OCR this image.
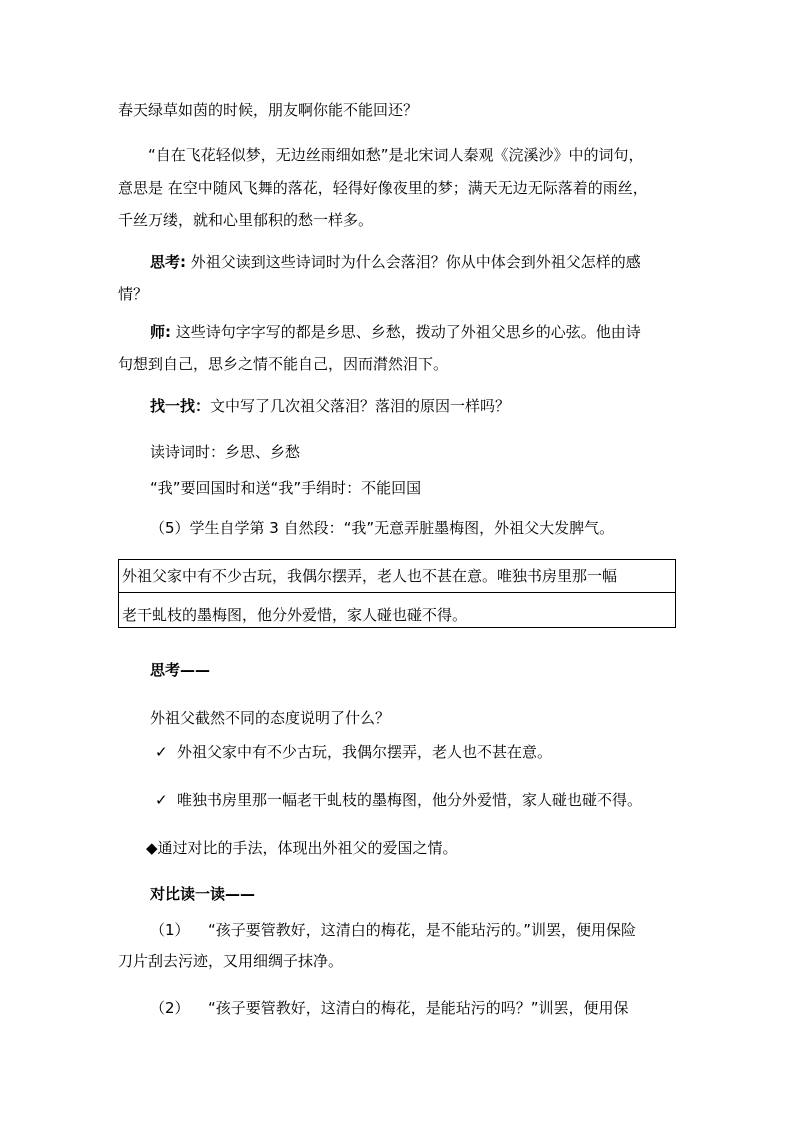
春天绿草如茵的时候，朋友啊你能不能回还？
“自在飞花轻似梦，无边丝雨细如愁”是北宋词人秦观《浣溪沙》中的词句，
意思是 在空中随风飞舞的落花，轻得好像夜里的梦；满天无边无际落着的雨丝，
千丝万缕，就和心里郁积的愁一样多。
思考: 外祖父读到这些诗词时为什么会落泪？你从中体会到外祖父怎样的感
情？
师: 这些诗句字字写的都是乡思、乡愁，拨动了外祖父思乡的心弦。他由诗
句想到自己，思乡之情不能自己，因而潸然泪下。
找一找：文中写了几次祖父落泪？落泪的原因一样吗？
读诗词时：乡思、乡愁
“我”要回国时和送“我”手绢时：不能回国
（5）学生自学第 3 自然段：“我”无意弄脏墨梅图，外祖父大发脾气。
外祖父家中有不少古玩，我偶尔摆弄，老人也不甚在意。唯独书房里那一幅
老干虬枝的墨梅图，他分外爱惜，家人碰也碰不得。
思考——
外祖父截然不同的态度说明了什么？
✓ 外祖父家中有不少古玩，我偶尔摆弄，老人也不甚在意。
✓ 唯独书房里那一幅老干虬枝的墨梅图，他分外爱惜，家人碰也碰不得。
◆通过对比的手法，体现出外祖父的爱国之情。
对比读一读——
（1） “孩子要管教好，这清白的梅花，是不能玷污的。”训罢，便用保险
刀片刮去污迹，又用细绸子抹净。
（2） “孩子要管教好，这清白的梅花，是能玷污的吗？”训罢，便用保
